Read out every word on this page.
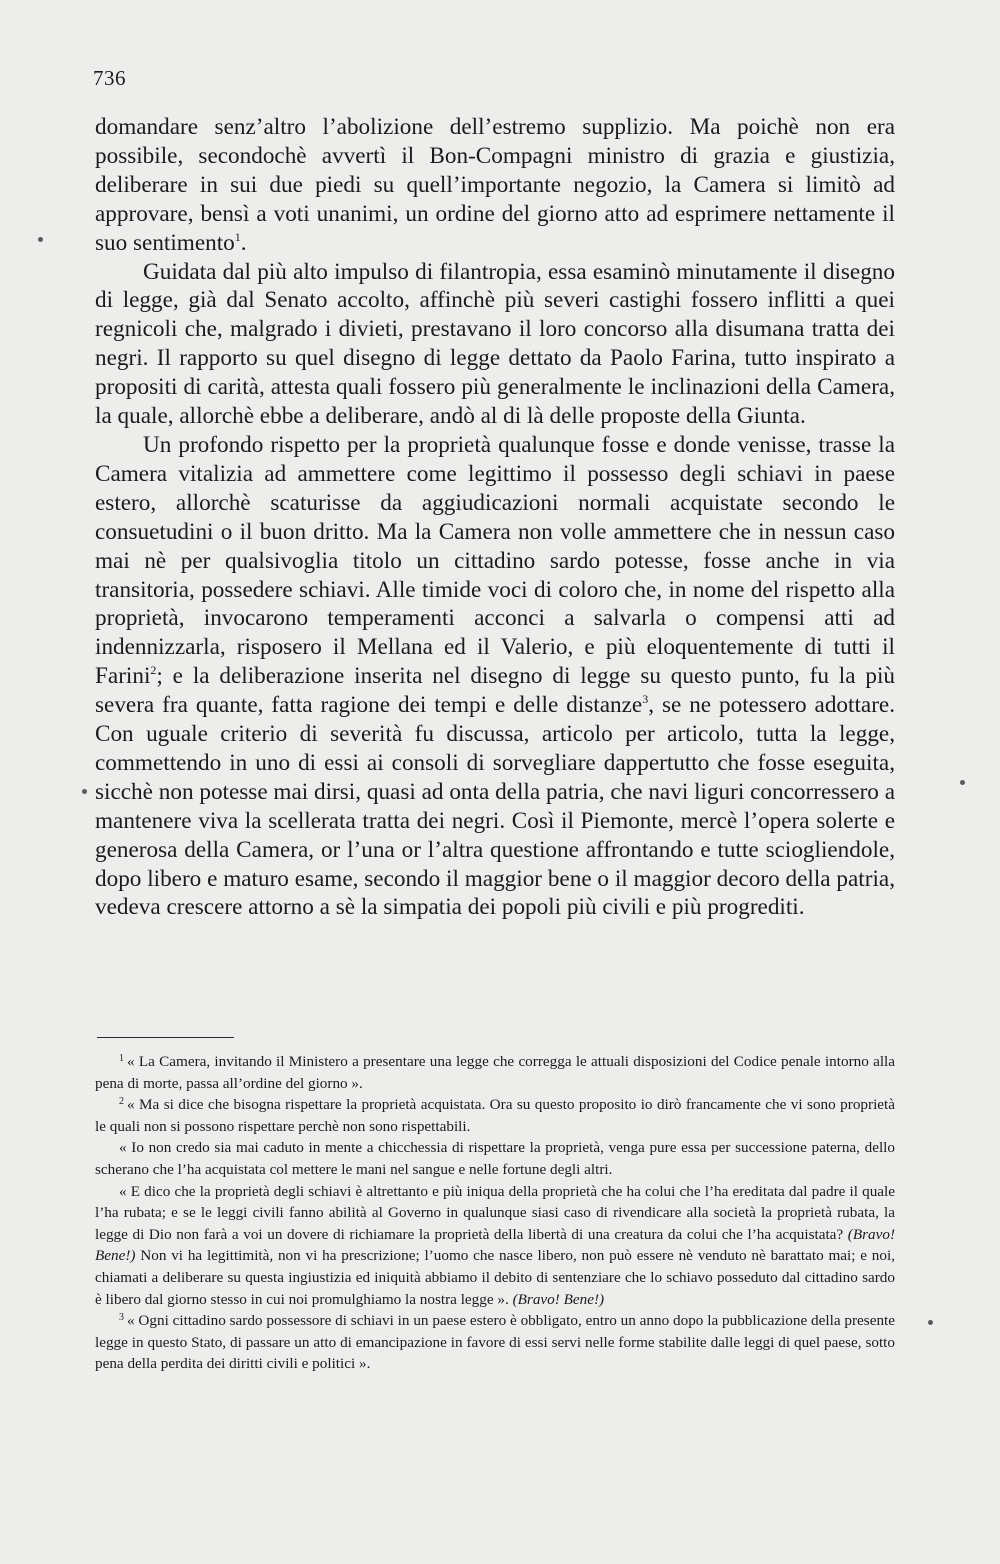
736

domandare senz’altro l’abolizione dell’estremo supplizio. Ma poichè non era possibile, secondochè avvertì il Bon-Compagni ministro di grazia e giustizia, deliberare in sui due piedi su quell’importante negozio, la Camera si limitò ad approvare, bensì a voti unanimi, un ordine del giorno atto ad esprimere nettamente il suo sentimento$^1$.

Guidata dal più alto impulso di filantropia, essa esaminò minutamente il disegno di legge, già dal Senato accolto, affinchè più severi castighi fossero inflitti a quei regnicoli che, malgrado i divieti, prestavano il loro concorso alla disumana tratta dei negri. Il rapporto su quel disegno di legge dettato da Paolo Farina, tutto inspirato a propositi di carità, attesta quali fossero più generalmente le inclinazioni della Camera, la quale, allorchè ebbe a deliberare, andò al di là delle proposte della Giunta.

Un profondo rispetto per la proprietà qualunque fosse e donde venisse, trasse la Camera vitalizia ad ammettere come legittimo il possesso degli schiavi in paese estero, allorchè scaturisse da aggiudicazioni normali acquistate secondo le consuetudini o il buon dritto. Ma la Camera non volle ammettere che in nessun caso mai nè per qualsivoglia titolo un cittadino sardo potesse, fosse anche in via transitoria, possedere schiavi. Alle timide voci di coloro che, in nome del rispetto alla proprietà, invocarono temperamenti acconci a salvarla o compensi atti ad indennizzarla, risposero il Mellana ed il Valerio, e più eloquentemente di tutti il Farini$^2$; e la deliberazione inserita nel disegno di legge su questo punto, fu la più severa fra quante, fatta ragione dei tempi e delle distanze$^3$, se ne potessero adottare. Con uguale criterio di severità fu discussa, articolo per articolo, tutta la legge, commettendo in uno di essi ai consoli di sorvegliare dappertutto che fosse eseguita, sicchè non potesse mai dirsi, quasi ad onta della patria, che navi liguri concorressero a mantenere viva la scellerata tratta dei negri. Così il Piemonte, mercè l’opera solerte e generosa della Camera, or l’una or l’altra questione affrontando e tutte sciogliendole, dopo libero e maturo esame, secondo il maggior bene o il maggior decoro della patria, vedeva crescere attorno a sè la simpatia dei popoli più civili e più progrediti.

$^1$ « La Camera, invitando il Ministero a presentare una legge che corregga le attuali disposizioni del Codice penale intorno alla pena di morte, passa all’ordine del giorno ».

$^2$ « Ma si dice che bisogna rispettare la proprietà acquistata. Ora su questo proposito io dirò francamente che vi sono proprietà le quali non si possono rispettare perchè non sono rispettabili.

« Io non credo sia mai caduto in mente a chicchessia di rispettare la proprietà, venga pure essa per successione paterna, dello scherano che l’ha acquistata col mettere le mani nel sangue e nelle fortune degli altri.

« E dico che la proprietà degli schiavi è altrettanto e più iniqua della proprietà che ha colui che l’ha ereditata dal padre il quale l’ha rubata; e se le leggi civili fanno abilità al Governo in qualunque siasi caso di rivendicare alla società la proprietà rubata, la legge di Dio non farà a voi un dovere di richiamare la proprietà della libertà di una creatura da colui che l’ha acquistata? (Bravo! Bene!) Non vi ha legittimità, non vi ha prescrizione; l’uomo che nasce libero, non può essere nè venduto nè barattato mai; e noi, chiamati a deliberare su questa ingiustizia ed iniquità abbiamo il debito di sentenziare che lo schiavo posseduto dal cittadino sardo è libero dal giorno stesso in cui noi promulghiamo la nostra legge ». (Bravo! Bene!)

$^3$ « Ogni cittadino sardo possessore di schiavi in un paese estero è obbligato, entro un anno dopo la pubblicazione della presente legge in questo Stato, di passare un atto di emancipazione in favore di essi servi nelle forme stabilite dalle leggi di quel paese, sotto pena della perdita dei diritti civili e politici ».
